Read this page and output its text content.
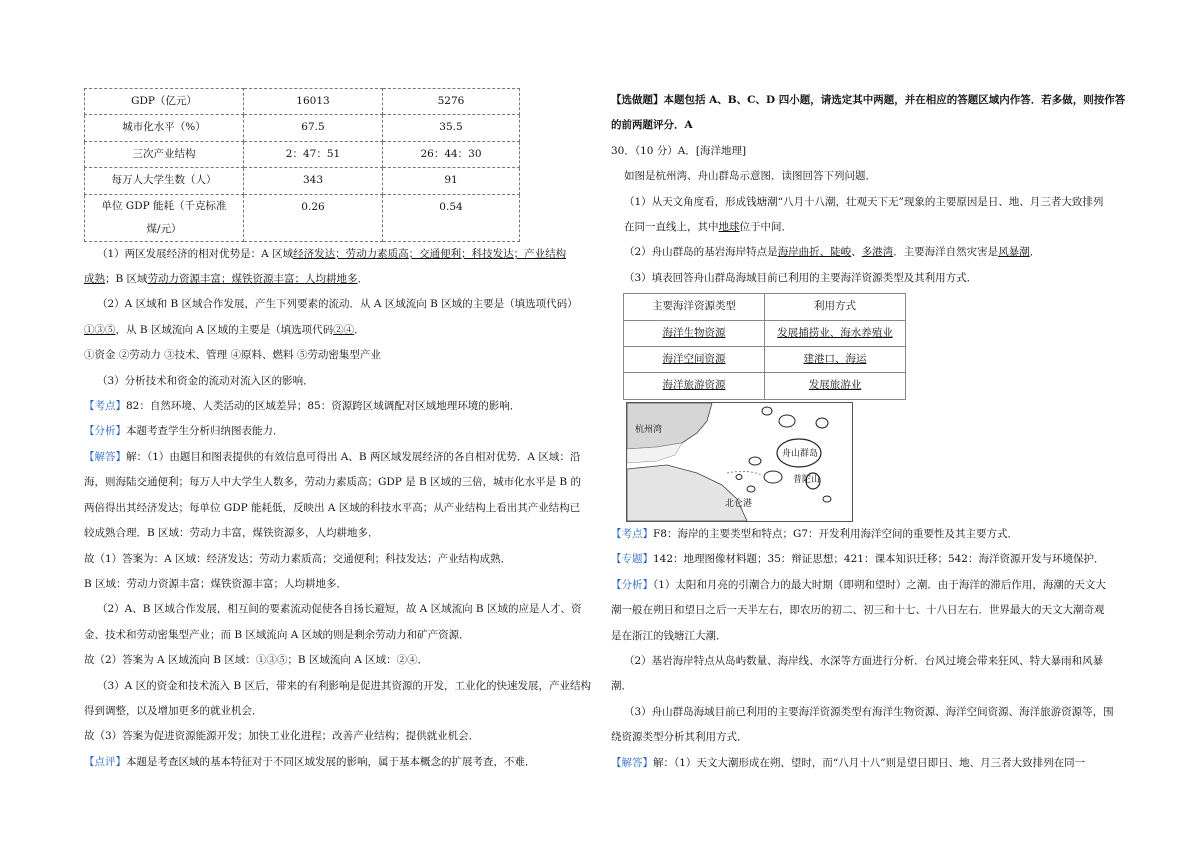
GDP（亿元）	16013	5276
城市化水平（%）	67.5	35.5
三次产业结构	2：47：51	26：44：30
每万人大学生数（人）	343	91
单位 GDP 能耗（千克标准煤/元）	0.26	0.54

（1）两区发展经济的相对优势是：A 区域经济发达；劳动力素质高；交通便利；科技发达；产业结构

成熟；B 区域劳动力资源丰富；煤铁资源丰富；人均耕地多．

（2）A 区域和 B 区域合作发展，产生下列要素的流动．从 A 区域流向 B 区域的主要是（填选项代码）

①③⑤，从 B 区域流向 A 区域的主要是（填选项代码②④．

①资金 ②劳动力 ③技术、管理 ④原料、燃料 ⑤劳动密集型产业

（3）分析技术和资金的流动对流入区的影响．

【考点】82：自然环境、人类活动的区域差异；85：资源跨区域调配对区域地理环境的影响．

【分析】本题考查学生分析归纳图表能力．

【解答】解：（1）由题目和图表提供的有效信息可得出 A、B 两区域发展经济的各自相对优势．A 区域：沿

海，则海陆交通便利；每万人中大学生人数多，劳动力素质高；GDP 是 B 区域的三倍，城市化水平是 B 的

两倍得出其经济发达；每单位 GDP 能耗低，反映出 A 区域的科技水平高；从产业结构上看出其产业结构已

较成熟合理．B 区域：劳动力丰富，煤铁资源多，人均耕地多．

故（1）答案为：A 区域：经济发达；劳动力素质高；交通便利；科技发达；产业结构成熟．

B 区域：劳动力资源丰富；煤铁资源丰富；人均耕地多．

（2）A、B 区域合作发展，相互间的要素流动促使各自扬长避短，故 A 区域流向 B 区域的应是人才、资

金、技术和劳动密集型产业；而 B 区域流向 A 区域的则是剩余劳动力和矿产资源．

故（2）答案为 A 区域流向 B 区域：①③⑤；B 区域流向 A 区域：②④．

（3）A 区的资金和技术流入 B 区后，带来的有利影响是促进其资源的开发，工业化的快速发展，产业结构

得到调整，以及增加更多的就业机会．

故（3）答案为促进资源能源开发；加快工业化进程；改善产业结构；提供就业机会．

【点评】本题是考查区域的基本特征对于不同区域发展的影响，属于基本概念的扩展考查，不难．

【选做题】本题包括 A、B、C、D 四小题，请选定其中两题，并在相应的答题区域内作答．若多做，则按作答

的前两题评分．A

30．（10 分）A．[海洋地理]

如图是杭州湾、舟山群岛示意图．读图回答下列问题．

（1）从天文角度看，形成钱塘潮“八月十八潮，壮观天下无”现象的主要原因是日、地、月三者大致排列

在同一直线上，其中地球位于中间．

（2）舟山群岛的基岩海岸特点是海岸曲折、陡峻、多港湾．主要海洋自然灾害是风暴潮．

（3）填表回答舟山群岛海域目前已利用的主要海洋资源类型及其利用方式．

主要海洋资源类型	利用方式
海洋生物资源	发展捕捞业、海水养殖业
海洋空间资源	建港口、海运
海洋旅游资源	发展旅游业
杭州湾
舟山群岛
普陀山
北仑港

【考点】F8：海岸的主要类型和特点；G7：开发利用海洋空间的重要性及其主要方式．

【专题】142：地理图像材料题；35：辩证思想；421：课本知识迁移；542：海洋资源开发与环境保护．

【分析】（1）太阳和月亮的引潮合力的最大时期（即朔和望时）之潮．由于海洋的滞后作用，海潮的天文大

潮一般在朔日和望日之后一天半左右，即农历的初二、初三和十七、十八日左右．世界最大的天文大潮奇观

是在浙江的钱塘江大潮．

（2）基岩海岸特点从岛屿数量、海岸线、水深等方面进行分析．台风过境会带来狂风、特大暴雨和风暴

潮．

（3）舟山群岛海域目前已利用的主要海洋资源类型有海洋生物资源、海洋空间资源、海洋旅游资源等，围

绕资源类型分析其利用方式．

【解答】解：（1）天文大潮形成在朔、望时，而“八月十八”则是望日即日、地、月三者大致排列在同一
